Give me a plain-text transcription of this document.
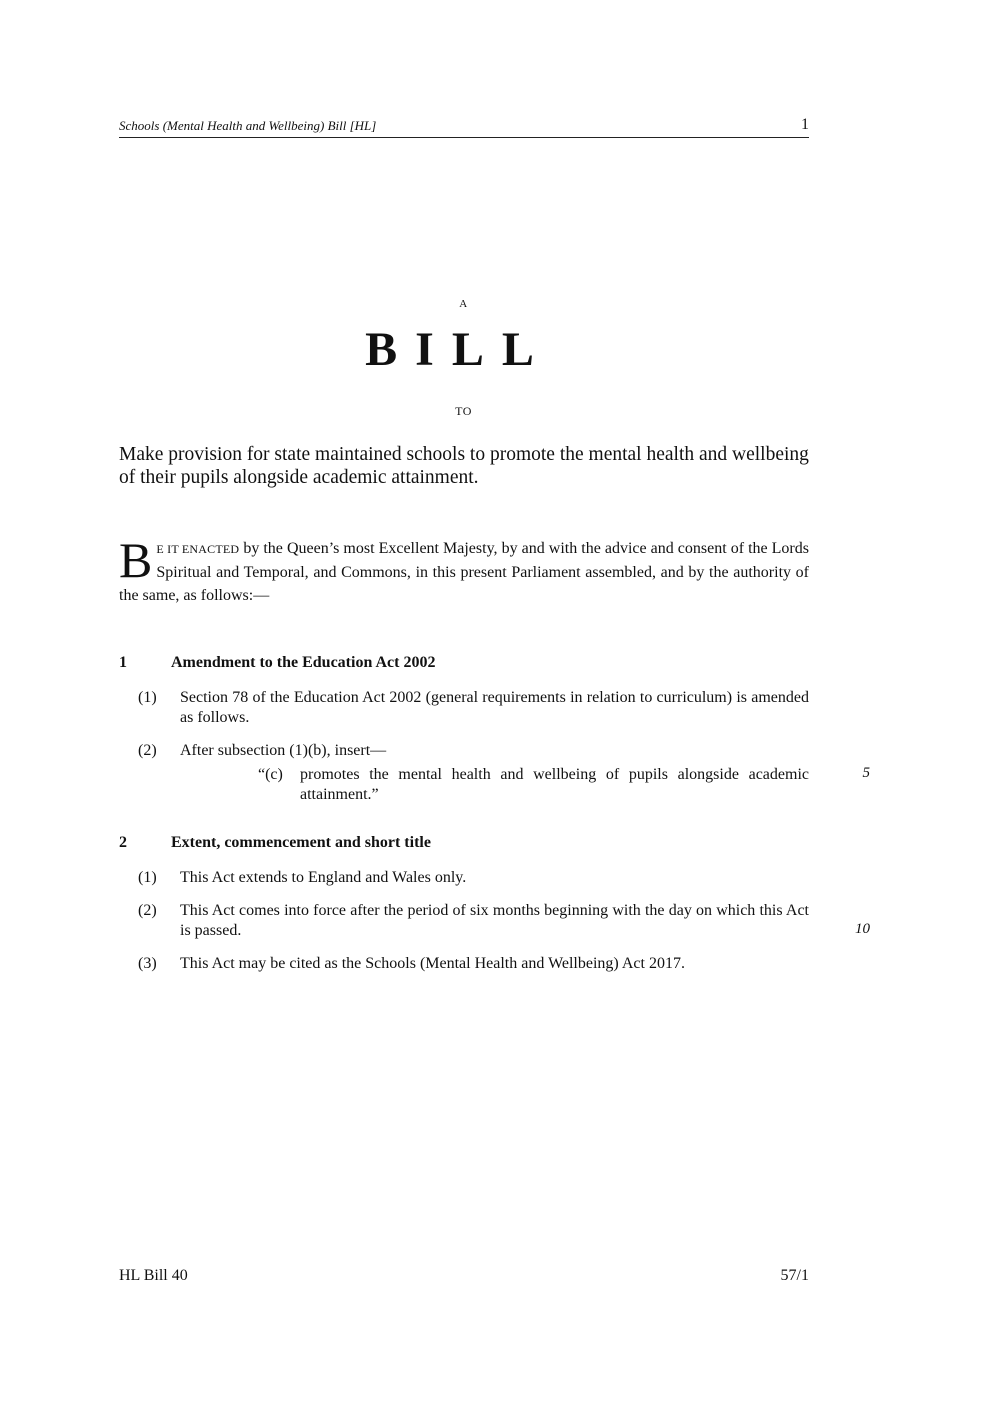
Schools (Mental Health and Wellbeing) Bill [HL]	1
A
BILL
TO
Make provision for state maintained schools to promote the mental health and wellbeing of their pupils alongside academic attainment.
B E IT ENACTED by the Queen’s most Excellent Majesty, by and with the advice and consent of the Lords Spiritual and Temporal, and Commons, in this present Parliament assembled, and by the authority of the same, as follows:—
1	Amendment to the Education Act 2002
(1) Section 78 of the Education Act 2002 (general requirements in relation to curriculum) is amended as follows.
(2) After subsection (1)(b), insert—
“(c) promotes the mental health and wellbeing of pupils alongside academic attainment.”
5
2	Extent, commencement and short title
(1) This Act extends to England and Wales only.
(2) This Act comes into force after the period of six months beginning with the day on which this Act is passed.	10
(3) This Act may be cited as the Schools (Mental Health and Wellbeing) Act 2017.
HL Bill 40	57/1
